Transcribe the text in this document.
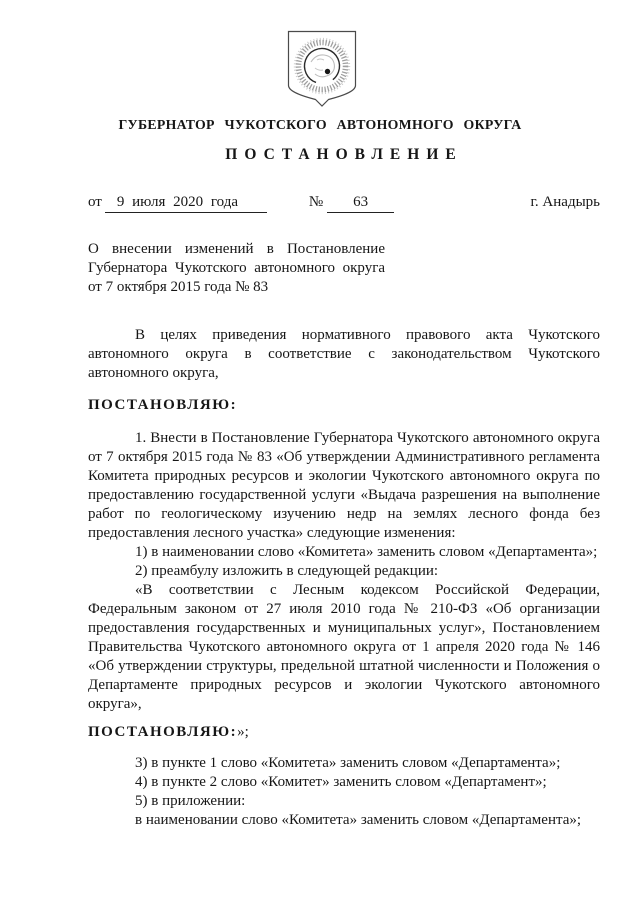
ГУБЕРНАТОР ЧУКОТСКОГО АВТОНОМНОГО ОКРУГА
ПОСТАНОВЛЕНИЕ
от	9 июля 2020 года	№	63	г. Анадырь
О внесении изменений в Постановление
Губернатора Чукотского автономного округа
от 7 октября 2015 года № 83

В целях приведения нормативного правового акта Чукотского автономного округа в соответствие с законодательством Чукотского автономного округа,

ПОСТАНОВЛЯЮ:

1. Внести в Постановление Губернатора Чукотского автономного округа от 7 октября 2015 года № 83 «Об утверждении Административного регламента Комитета природных ресурсов и экологии Чукотского автономного округа по предоставлению государственной услуги «Выдача разрешения на выполнение работ по геологическому изучению недр на землях лесного фонда без предоставления лесного участка» следующие изменения:

1) в наименовании слово «Комитета» заменить словом «Департамента»;

2) преамбулу изложить в следующей редакции:

«В соответствии с Лесным кодексом Российской Федерации, Федеральным законом от 27 июля 2010 года № 210-ФЗ «Об организации предоставления государственных и муниципальных услуг», Постановлением Правительства Чукотского автономного округа от 1 апреля 2020 года № 146 «Об утверждении структуры, предельной штатной численности и Положения о Департаменте природных ресурсов и экологии Чукотского автономного округа»,

ПОСТАНОВЛЯЮ:»;

3) в пункте 1 слово «Комитета» заменить словом «Департамента»;

4) в пункте 2 слово «Комитет» заменить словом «Департамент»;

5) в приложении:

в наименовании слово «Комитета» заменить словом «Департамента»;
